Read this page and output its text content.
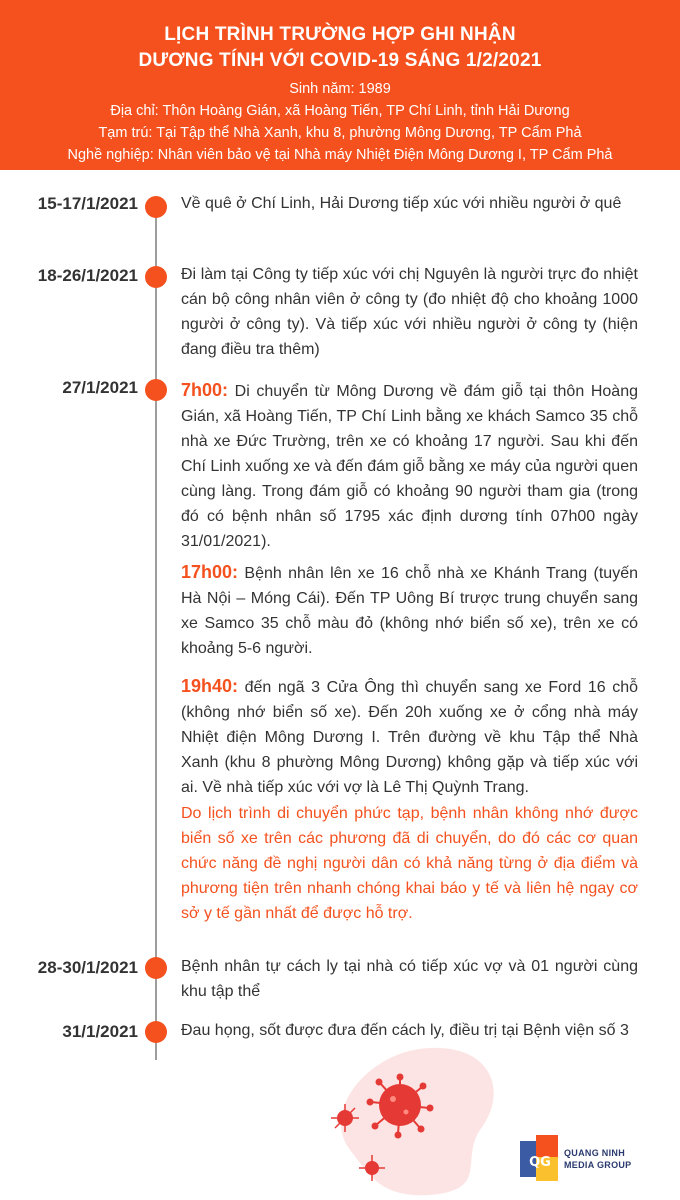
LỊCH TRÌNH TRƯỜNG HỢP GHI NHẬN
DƯƠNG TÍNH VỚI COVID-19 SÁNG 1/2/2021
Sinh năm: 1989
Địa chỉ: Thôn Hoàng Gián, xã Hoàng Tiến, TP Chí Linh, tỉnh Hải Dương
Tạm trú: Tại Tập thể Nhà Xanh, khu 8, phường Mông Dương, TP Cẩm Phả
Nghề nghiệp: Nhân viên bảo vệ tại Nhà máy Nhiệt Điện Mông Dương I, TP Cẩm Phả
15-17/1/2021	Về quê ở Chí Linh, Hải Dương tiếp xúc với nhiều người ở quê
18-26/1/2021	Đi làm tại Công ty tiếp xúc với chị Nguyên là người trực đo nhiệt cán bộ công nhân viên ở công ty (đo nhiệt độ cho khoảng 1000 người ở công ty). Và tiếp xúc với nhiều người ở công ty (hiện đang điều tra thêm)
27/1/2021 7h00: Di chuyển từ Mông Dương về đám giỗ tại thôn Hoàng Gián, xã Hoàng Tiến, TP Chí Linh bằng xe khách Samco 35 chỗ nhà xe Đức Trường, trên xe có khoảng 17 người. Sau khi đến Chí Linh xuống xe và đến đám giỗ bằng xe máy của người quen cùng làng. Trong đám giỗ có khoảng 90 người tham gia (trong đó có bệnh nhân số 1795 xác định dương tính 07h00 ngày 31/01/2021).

17h00: Bệnh nhân lên xe 16 chỗ nhà xe Khánh Trang (tuyến Hà Nội – Móng Cái). Đến TP Uông Bí trược trung chuyển sang xe Samco 35 chỗ màu đỏ (không nhớ biển số xe), trên xe có khoảng 5-6 người.

19h40: đến ngã 3 Cửa Ông thì chuyển sang xe Ford 16 chỗ (không nhớ biển số xe). Đến 20h xuống xe ở cổng nhà máy Nhiệt điện Mông Dương I. Trên đường về khu Tập thể Nhà Xanh (khu 8 phường Mông Dương) không gặp và tiếp xúc với ai. Về nhà tiếp xúc với vợ là Lê Thị Quỳnh Trang.

Do lịch trình di chuyển phức tạp, bệnh nhân không nhớ được biển số xe trên các phương đã di chuyển, do đó các cơ quan chức năng đề nghị người dân có khả năng từng ở địa điểm và phương tiện trên nhanh chóng khai báo y tế và liên hệ ngay cơ sở y tế gần nhất để được hỗ trợ.
28-30/1/2021	Bệnh nhân tự cách ly tại nhà có tiếp xúc vợ và 01 người cùng khu tập thể
31/1/2021	Đau họng, sốt được đưa đến cách ly, điều trị tại Bệnh viện số 3
QG
QUANG NINH
MEDIA GROUP
